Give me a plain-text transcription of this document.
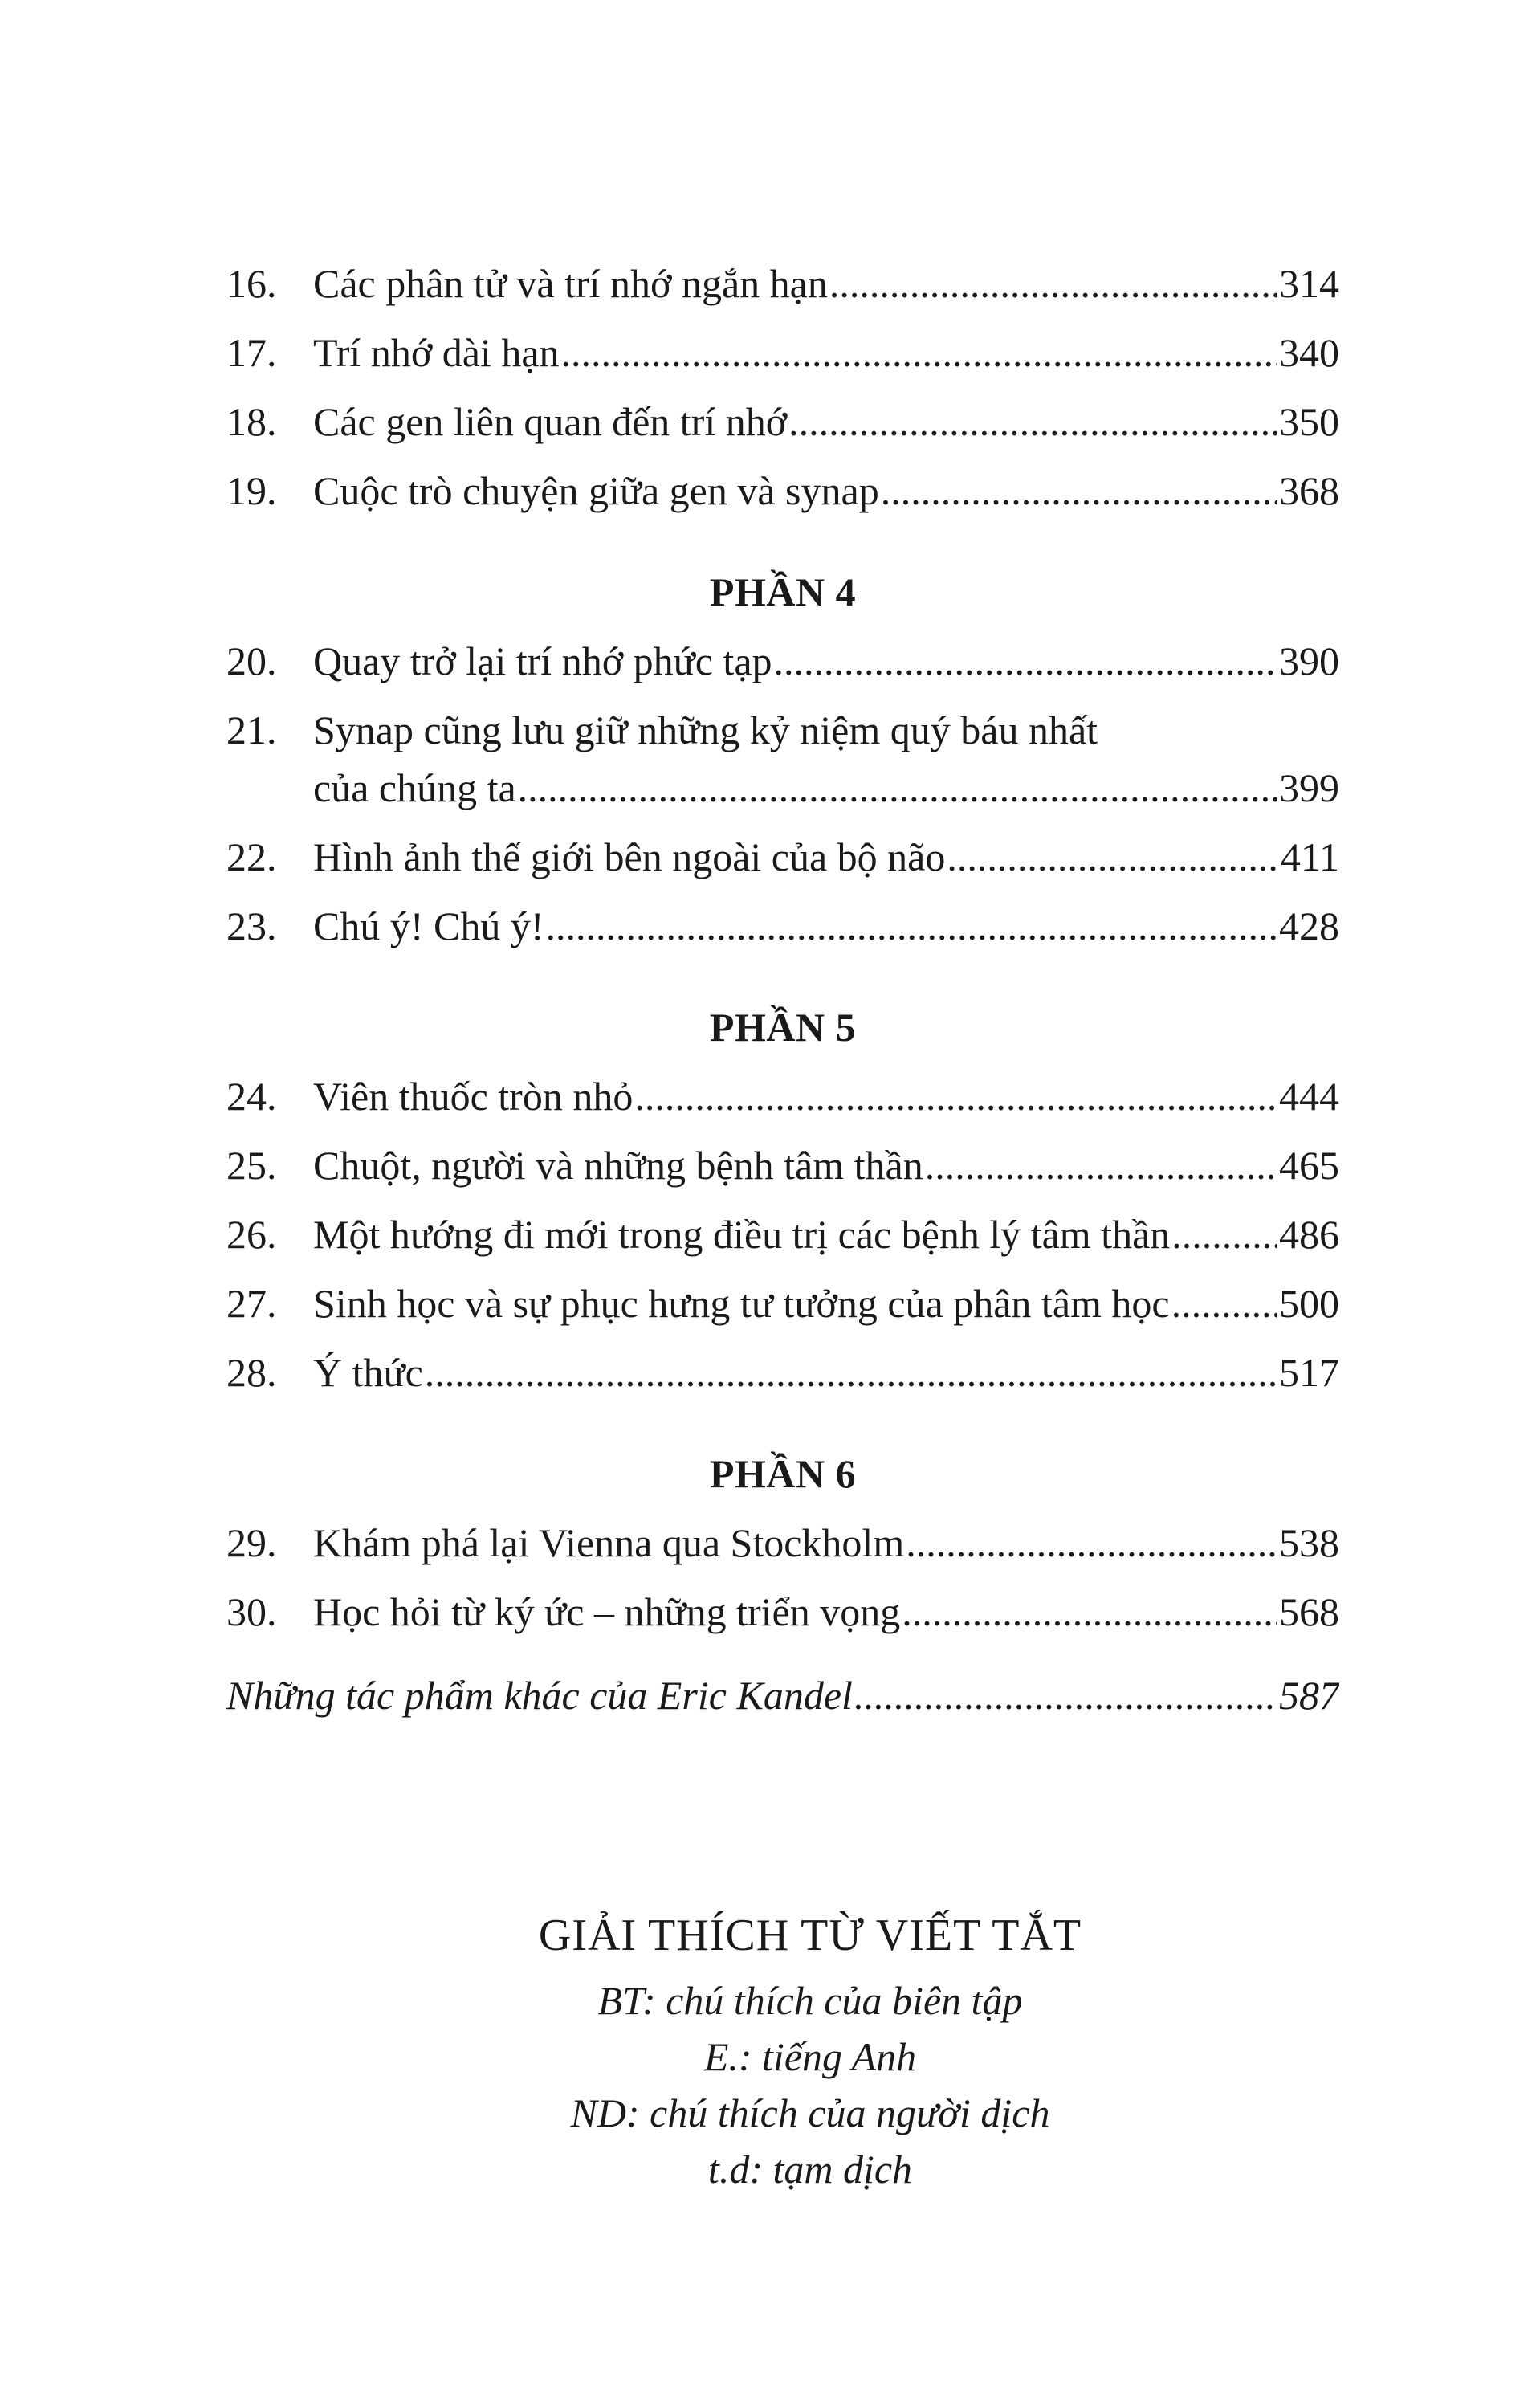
16. Các phân tử và trí nhớ ngắn hạn .....	314
17. Trí nhớ dài hạn .....	340
18. Các gen liên quan đến trí nhớ .....	350
19. Cuộc trò chuyện giữa gen và synap .....	368
PHẦN 4
20. Quay trở lại trí nhớ phức tạp .....	390
21. Synap cũng lưu giữ những kỷ niệm quý báu nhất
của chúng ta .....	399
22. Hình ảnh thế giới bên ngoài của bộ não .....	411
23. Chú ý! Chú ý! .....	428
PHẦN 5
24. Viên thuốc tròn nhỏ .....	444
25. Chuột, người và những bệnh tâm thần .....	465
26. Một hướng đi mới trong điều trị các bệnh lý tâm thần .....	486
27. Sinh học và sự phục hưng tư tưởng của phân tâm học .....	500
28. Ý thức .....	517
PHẦN 6
29. Khám phá lại Vienna qua Stockholm .....	538
30. Học hỏi từ ký ức – những triển vọng .....	568
Những tác phẩm khác của Eric Kandel .....	587
GIẢI THÍCH TỪ VIẾT TẮT
BT: chú thích của biên tập
E.: tiếng Anh
ND: chú thích của người dịch
t.d: tạm dịch
